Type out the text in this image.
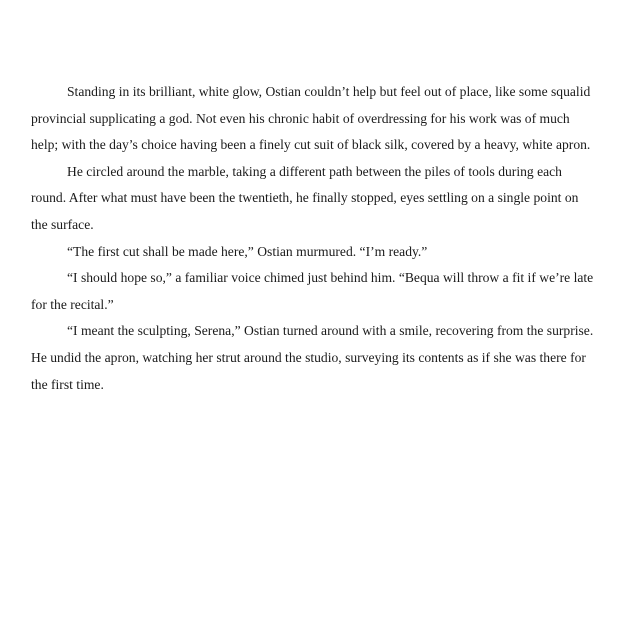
Standing in its brilliant, white glow, Ostian couldn’t help but feel out of place, like some squalid provincial supplicating a god. Not even his chronic habit of overdressing for his work was of much help; with the day’s choice having been a finely cut suit of black silk, covered by a heavy, white apron.

He circled around the marble, taking a different path between the piles of tools during each round. After what must have been the twentieth, he finally stopped, eyes settling on a single point on the surface.

“The first cut shall be made here,” Ostian murmured. “I’m ready.”

“I should hope so,” a familiar voice chimed just behind him. “Bequa will throw a fit if we’re late for the recital.”

“I meant the sculpting, Serena,” Ostian turned around with a smile, recovering from the surprise. He undid the apron, watching her strut around the studio, surveying its contents as if she was there for the first time.
